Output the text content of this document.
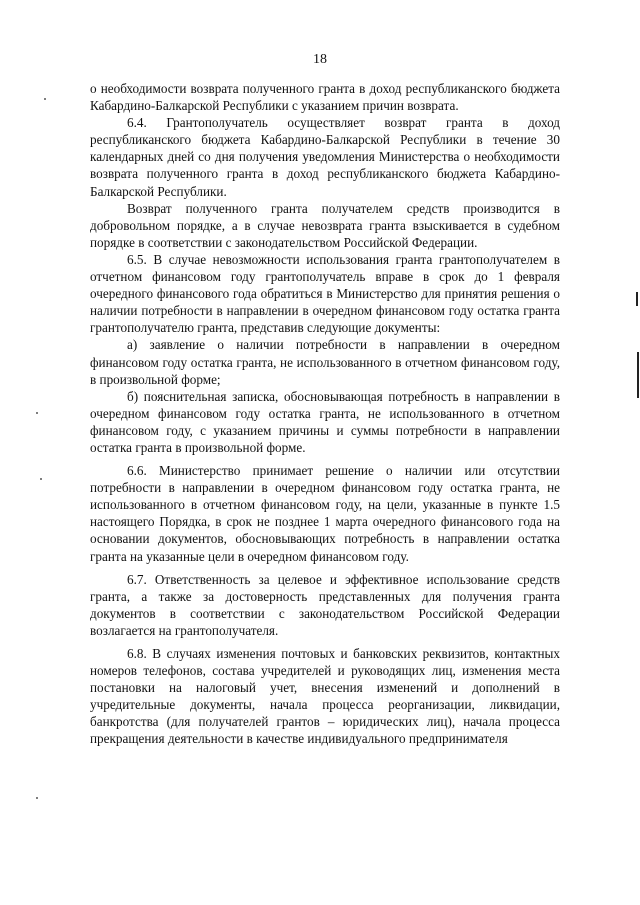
18

о необходимости возврата полученного гранта в доход республиканского бюджета Кабардино-Балкарской Республики с указанием причин возврата.

6.4. Грантополучатель осуществляет возврат гранта в доход республиканского бюджета Кабардино-Балкарской Республики в течение 30 календарных дней со дня получения уведомления Министерства о необходимости возврата полученного гранта в доход республиканского бюджета Кабардино-Балкарской Республики.

Возврат полученного гранта получателем средств производится в добровольном порядке, а в случае невозврата гранта взыскивается в судебном порядке в соответствии с законодательством Российской Федерации.

6.5. В случае невозможности использования гранта грантополучателем в отчетном финансовом году грантополучатель вправе в срок до 1 февраля очередного финансового года обратиться в Министерство для принятия решения о наличии потребности в направлении в очередном финансовом году остатка гранта грантополучателю гранта, представив следующие документы:

а) заявление о наличии потребности в направлении в очередном финансовом году остатка гранта, не использованного в отчетном финансовом году, в произвольной форме;

б) пояснительная записка, обосновывающая потребность в направлении в очередном финансовом году остатка гранта, не использованного в отчетном финансовом году, с указанием причины и суммы потребности в направлении остатка гранта в произвольной форме.

6.6. Министерство принимает решение о наличии или отсутствии потребности в направлении в очередном финансовом году остатка гранта, не использованного в отчетном финансовом году, на цели, указанные в пункте 1.5 настоящего Порядка, в срок не позднее 1 марта очередного финансового года на основании документов, обосновывающих потребность в направлении остатка гранта на указанные цели в очередном финансовом году.

6.7. Ответственность за целевое и эффективное использование средств гранта, а также за достоверность представленных для получения гранта документов в соответствии с законодательством Российской Федерации возлагается на грантополучателя.

6.8. В случаях изменения почтовых и банковских реквизитов, контактных номеров телефонов, состава учредителей и руководящих лиц, изменения места постановки на налоговый учет, внесения изменений и дополнений в учредительные документы, начала процесса реорганизации, ликвидации, банкротства (для получателей грантов – юридических лиц), начала процесса прекращения деятельности в качестве индивидуального предпринимателя
